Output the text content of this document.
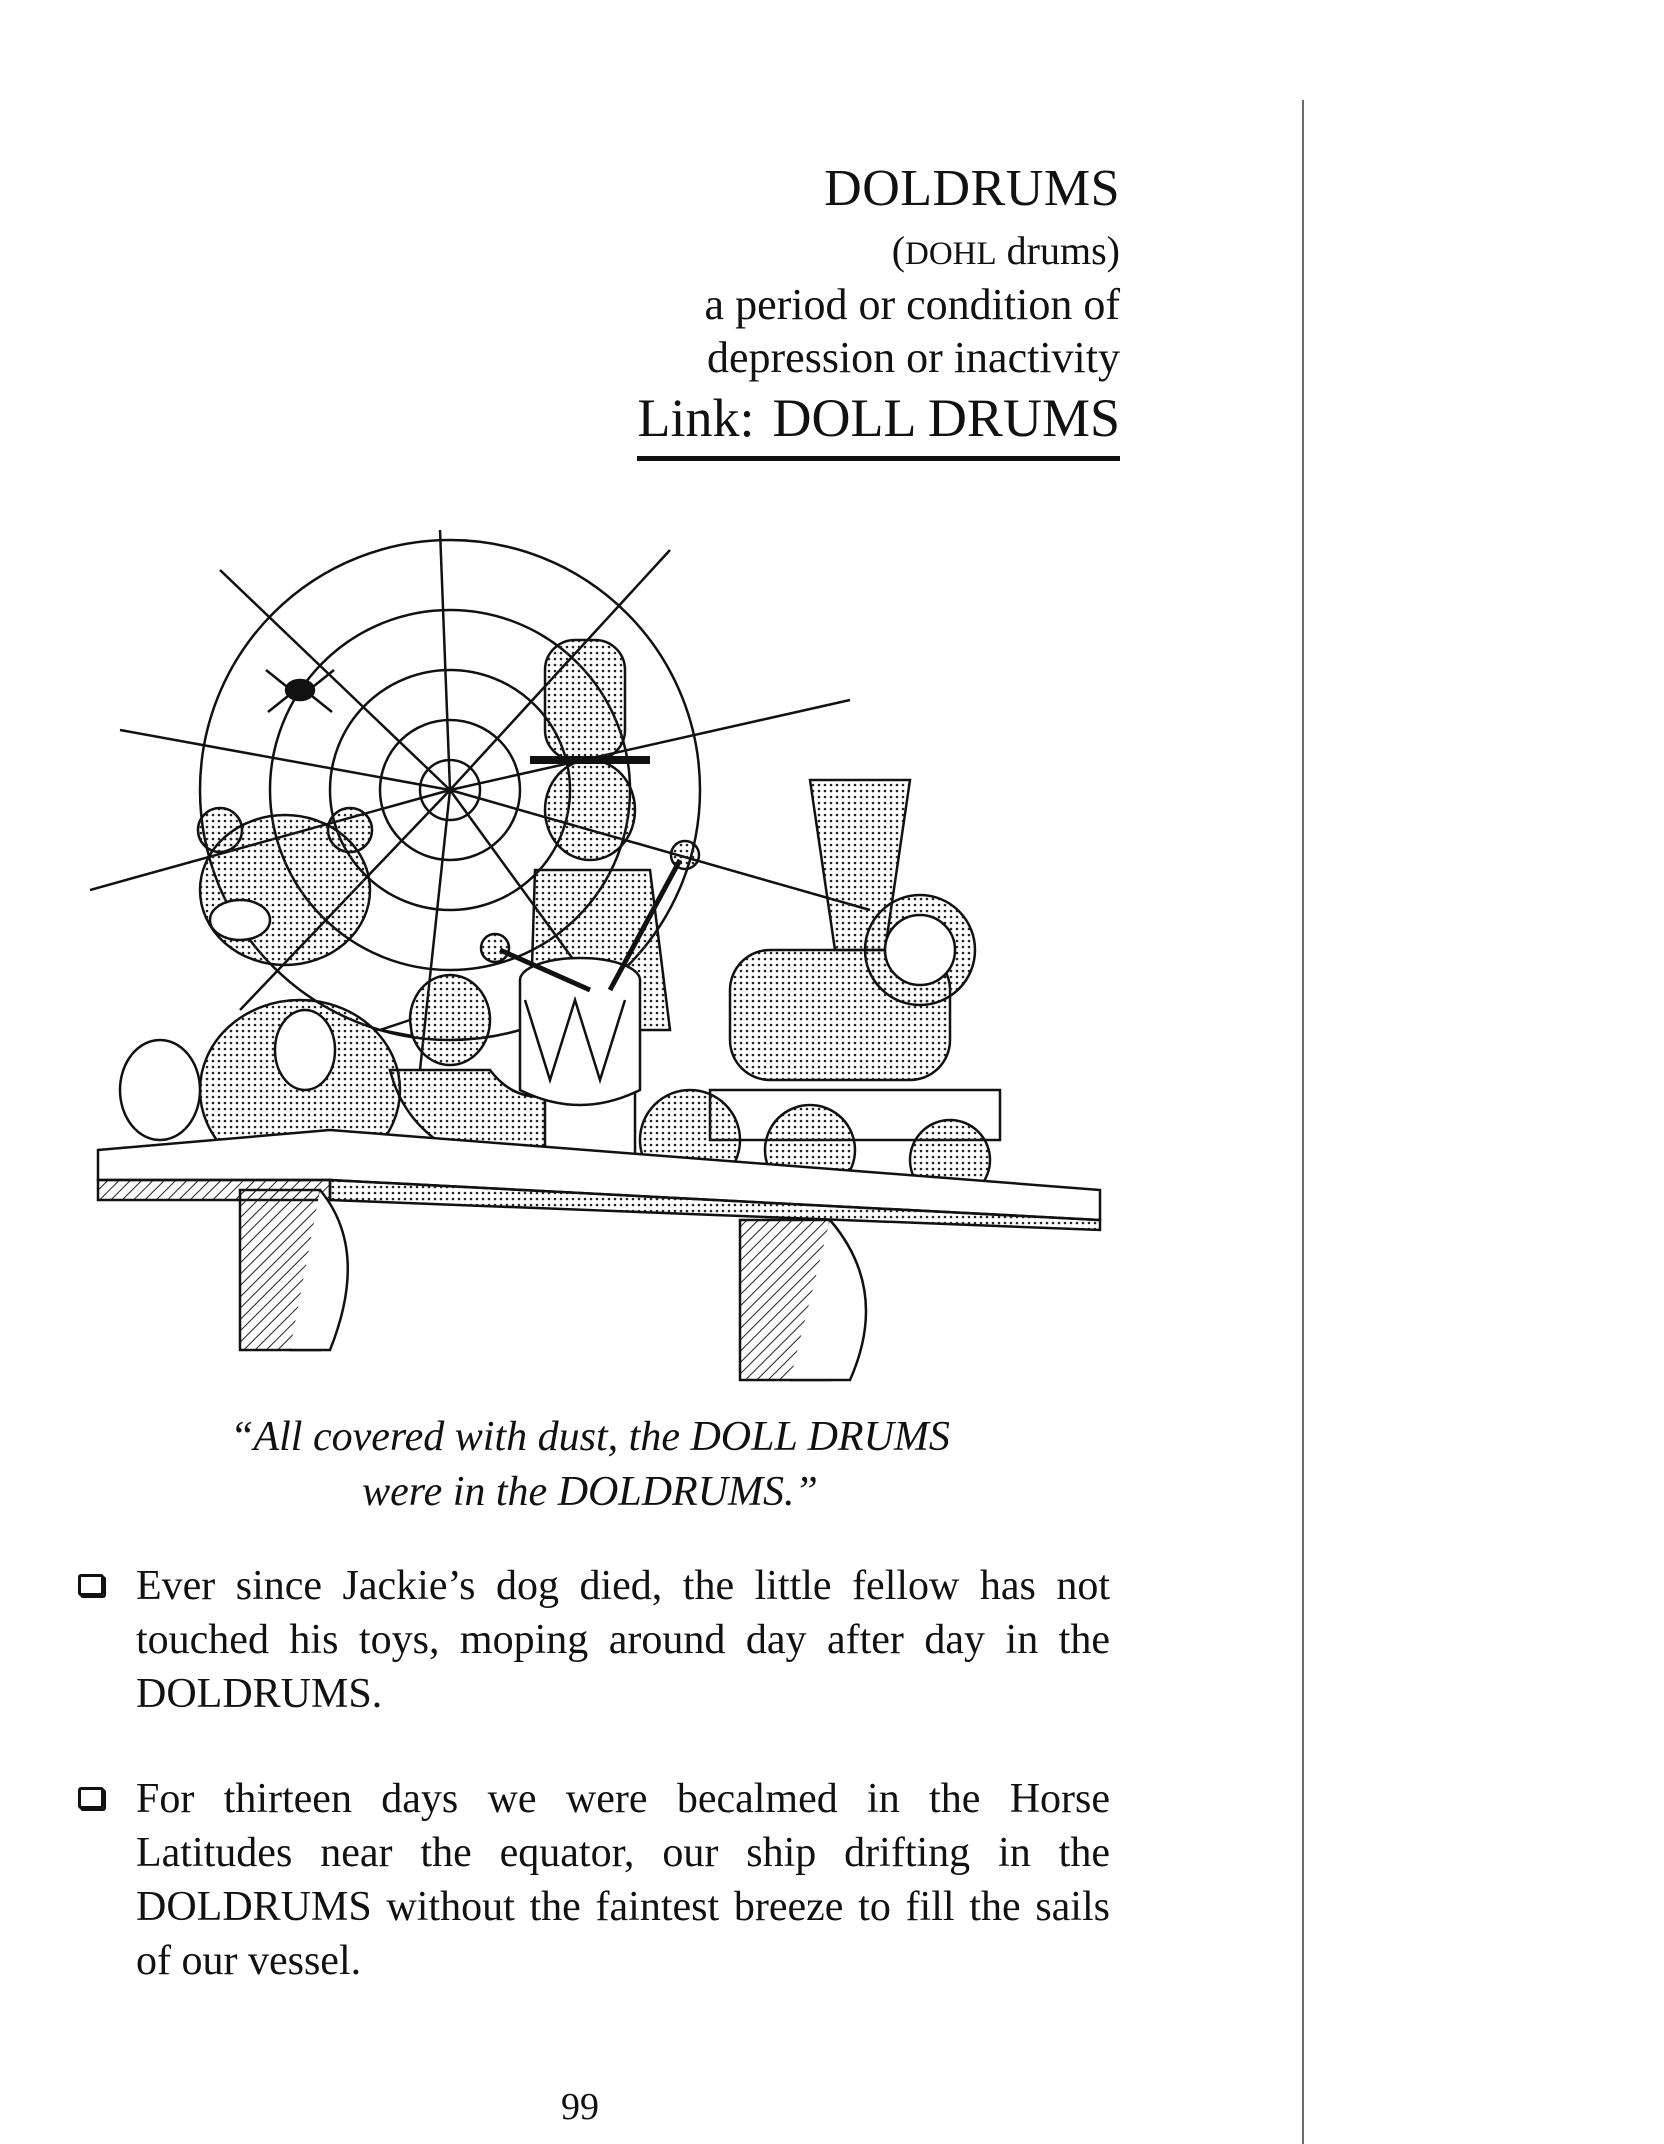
DOLDRUMS
(DOHL drums)
a period or condition of
depression or inactivity
Link: DOLL DRUMS
“All covered with dust, the DOLL DRUMS
were in the DOLDRUMS.”
Ever since Jackie’s dog died, the little fellow has not touched his toys, moping around day after day in the DOLDRUMS.
For thirteen days we were becalmed in the Horse Latitudes near the equator, our ship drifting in the DOLDRUMS without the faintest breeze to fill the sails of our vessel.
99
